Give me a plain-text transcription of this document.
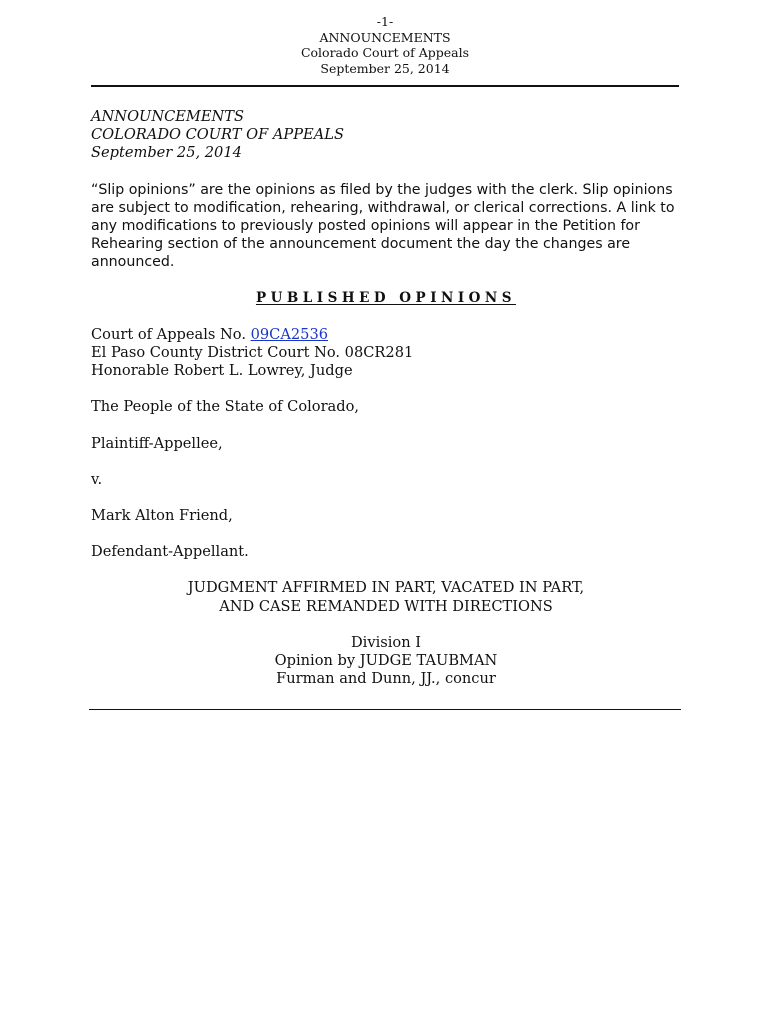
-1-
ANNOUNCEMENTS
Colorado Court of Appeals
September 25, 2014

ANNOUNCEMENTS
COLORADO COURT OF APPEALS
September 25, 2014

“Slip opinions” are the opinions as filed by the judges with the clerk. Slip opinions are subject to modification, rehearing, withdrawal, or clerical corrections. A link to any modifications to previously posted opinions will appear in the Petition for Rehearing section of the announcement document the day the changes are announced.

PUBLISHED OPINIONS

Court of Appeals No. 09CA2536
El Paso County District Court No. 08CR281
Honorable Robert L. Lowrey, Judge

The People of the State of Colorado,

Plaintiff-Appellee,

v.

Mark Alton Friend,

Defendant-Appellant.

JUDGMENT AFFIRMED IN PART, VACATED IN PART,
AND CASE REMANDED WITH DIRECTIONS

Division I
Opinion by JUDGE TAUBMAN
Furman and Dunn, JJ., concur
